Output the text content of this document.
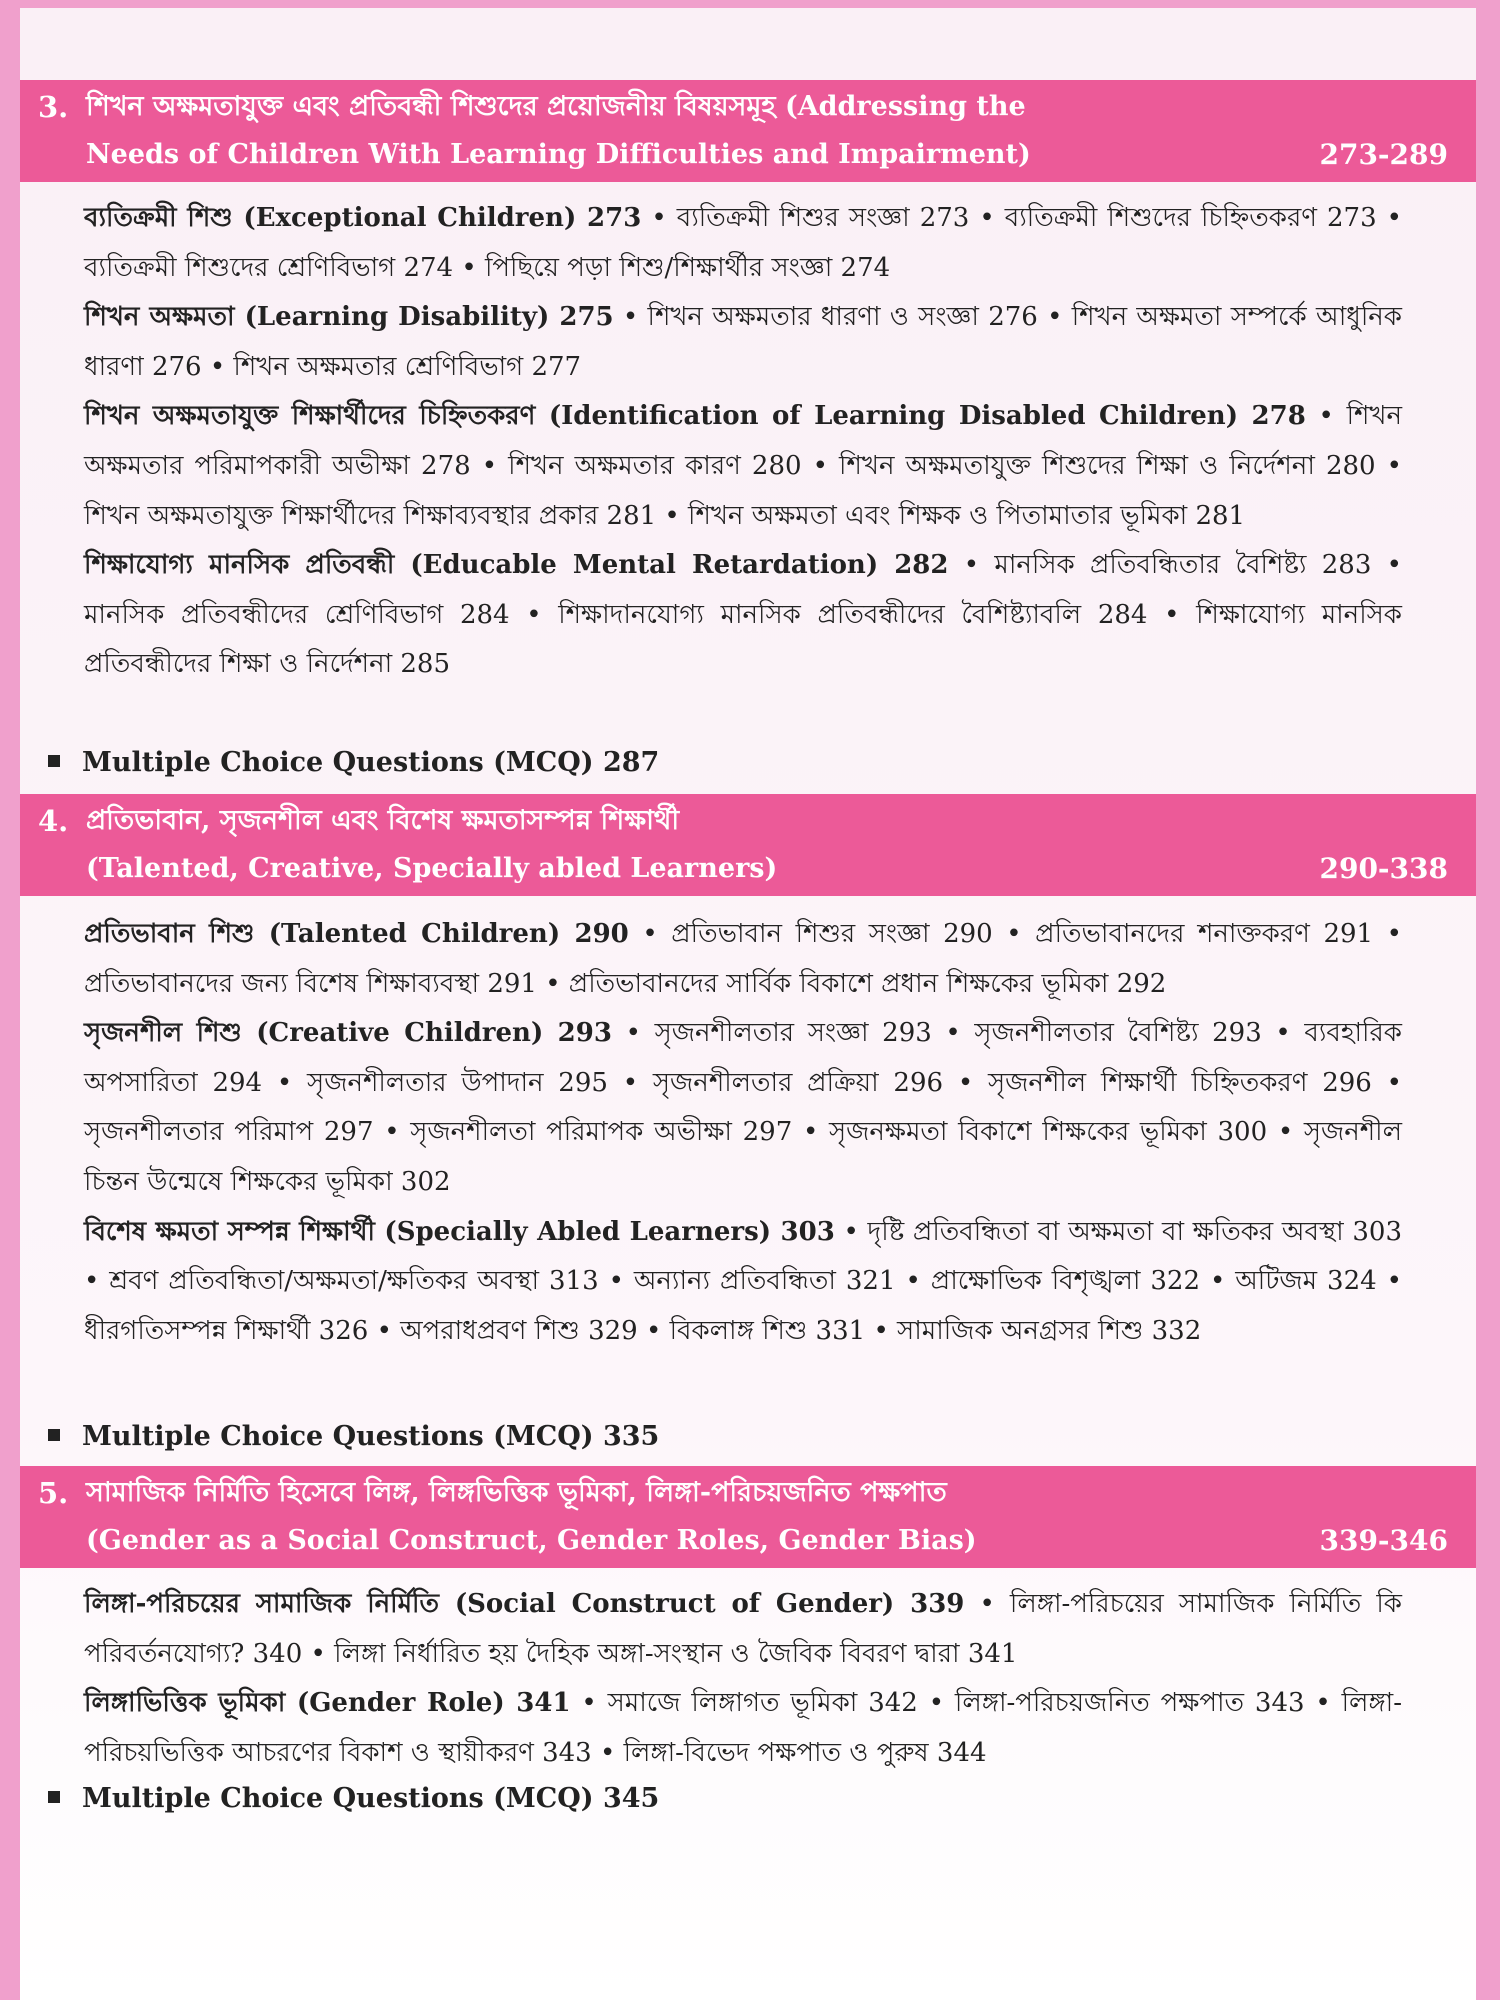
3. শিখন অক্ষমতাযুক্ত এবং প্রতিবন্ধী শিশুদের প্রয়োজনীয় বিষয়সমূহ (Addressing the
Needs of Children With Learning Difficulties and Impairment)	273-289

ব্যতিক্রমী শিশু (Exceptional Children) 273 • ব্যতিক্রমী শিশুর সংজ্ঞা 273 • ব্যতিক্রমী শিশুদের চিহ্নিতকরণ 273 • ব্যতিক্রমী শিশুদের শ্রেণিবিভাগ 274 • পিছিয়ে পড়া শিশু/শিক্ষার্থীর সংজ্ঞা 274

শিখন অক্ষমতা (Learning Disability) 275 • শিখন অক্ষমতার ধারণা ও সংজ্ঞা 276 • শিখন অক্ষমতা সম্পর্কে আধুনিক ধারণা 276 • শিখন অক্ষমতার শ্রেণিবিভাগ 277

শিখন অক্ষমতাযুক্ত শিক্ষার্থীদের চিহ্নিতকরণ (Identification of Learning Disabled Children) 278 • শিখন অক্ষমতার পরিমাপকারী অভীক্ষা 278 • শিখন অক্ষমতার কারণ 280 • শিখন অক্ষমতাযুক্ত শিশুদের শিক্ষা ও নির্দেশনা 280 • শিখন অক্ষমতাযুক্ত শিক্ষার্থীদের শিক্ষাব্যবস্থার প্রকার 281 • শিখন অক্ষমতা এবং শিক্ষক ও পিতামাতার ভূমিকা 281

শিক্ষাযোগ্য মানসিক প্রতিবন্ধী (Educable Mental Retardation) 282 • মানসিক প্রতিবন্ধিতার বৈশিষ্ট্য 283 • মানসিক প্রতিবন্ধীদের শ্রেণিবিভাগ 284 • শিক্ষাদানযোগ্য মানসিক প্রতিবন্ধীদের বৈশিষ্ট্যাবলি 284 • শিক্ষাযোগ্য মানসিক প্রতিবন্ধীদের শিক্ষা ও নির্দেশনা 285

Multiple Choice Questions (MCQ) 287
4. প্রতিভাবান, সৃজনশীল এবং বিশেষ ক্ষমতাসম্পন্ন শিক্ষার্থী
(Talented, Creative, Specially abled Learners)	290-338

প্রতিভাবান শিশু (Talented Children) 290 • প্রতিভাবান শিশুর সংজ্ঞা 290 • প্রতিভাবানদের শনাক্তকরণ 291 • প্রতিভাবানদের জন্য বিশেষ শিক্ষাব্যবস্থা 291 • প্রতিভাবানদের সার্বিক বিকাশে প্রধান শিক্ষকের ভূমিকা 292

সৃজনশীল শিশু (Creative Children) 293 • সৃজনশীলতার সংজ্ঞা 293 • সৃজনশীলতার বৈশিষ্ট্য 293 • ব্যবহারিক অপসারিতা 294 • সৃজনশীলতার উপাদান 295 • সৃজনশীলতার প্রক্রিয়া 296 • সৃজনশীল শিক্ষার্থী চিহ্নিতকরণ 296 • সৃজনশীলতার পরিমাপ 297 • সৃজনশীলতা পরিমাপক অভীক্ষা 297 • সৃজনক্ষমতা বিকাশে শিক্ষকের ভূমিকা 300 • সৃজনশীল চিন্তন উন্মেষে শিক্ষকের ভূমিকা 302

বিশেষ ক্ষমতা সম্পন্ন শিক্ষার্থী (Specially Abled Learners) 303 • দৃষ্টি প্রতিবন্ধিতা বা অক্ষমতা বা ক্ষতিকর অবস্থা 303 • শ্রবণ প্রতিবন্ধিতা/অক্ষমতা/ক্ষতিকর অবস্থা 313 • অন্যান্য প্রতিবন্ধিতা 321 • প্রাক্ষোভিক বিশৃঙ্খলা 322 • অটিজম 324 • ধীরগতিসম্পন্ন শিক্ষার্থী 326 • অপরাধপ্রবণ শিশু 329 • বিকলাঙ্গ শিশু 331 • সামাজিক অনগ্রসর শিশু 332

Multiple Choice Questions (MCQ) 335
5. সামাজিক নির্মিতি হিসেবে লিঙ্গ, লিঙ্গভিত্তিক ভূমিকা, লিঙ্গা-পরিচয়জনিত পক্ষপাত
(Gender as a Social Construct, Gender Roles, Gender Bias)	339-346

লিঙ্গা-পরিচয়ের সামাজিক নির্মিতি (Social Construct of Gender) 339 • লিঙ্গা-পরিচয়ের সামাজিক নির্মিতি কি পরিবর্তনযোগ্য? 340 • লিঙ্গা নির্ধারিত হয় দৈহিক অঙ্গা-সংস্থান ও জৈবিক বিবরণ দ্বারা 341

লিঙ্গাভিত্তিক ভূমিকা (Gender Role) 341 • সমাজে লিঙ্গাগত ভূমিকা 342 • লিঙ্গা-পরিচয়জনিত পক্ষপাত 343 • লিঙ্গা-পরিচয়ভিত্তিক আচরণের বিকাশ ও স্থায়ীকরণ 343 • লিঙ্গা-বিভেদ পক্ষপাত ও পুরুষ 344

Multiple Choice Questions (MCQ) 345
